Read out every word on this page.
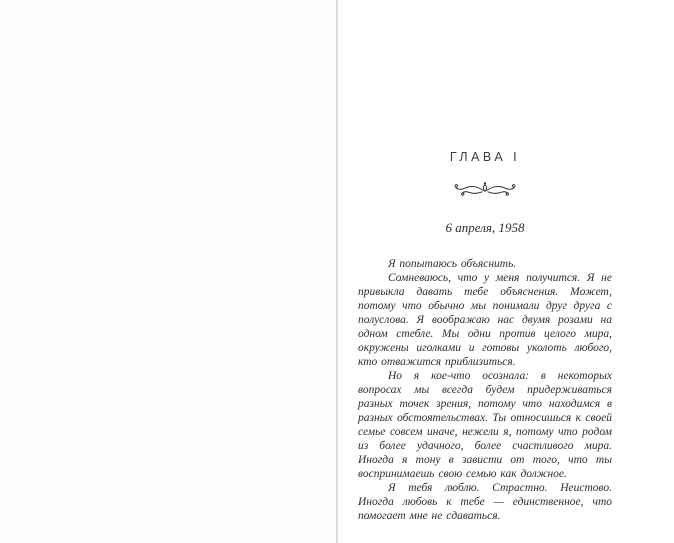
ГЛАВА I
6 апреля, 1958

Я попытаюсь объяснить.

Сомневаюсь, что у меня получится. Я не привыкла давать тебе объяснения. Может, потому что обычно мы понимали друг друга с полуслова. Я воображаю нас двумя розами на одном стебле. Мы одни против целого мира, окружены иголками и готовы уколоть любого, кто отважится приблизиться.

Но я кое-что осознала: в некоторых вопросах мы всегда будем придерживаться разных точек зрения, потому что находимся в разных обстоятельствах. Ты относишься к своей семье совсем иначе, нежели я, потому что родом из более удачного, более счастливого мира. Иногда я тону в зависти от того, что ты воспринимаешь свою семью как должное.

Я тебя люблю. Страстно. Неистово. Иногда любовь к тебе — единственное, что помогает мне не сдаваться.
